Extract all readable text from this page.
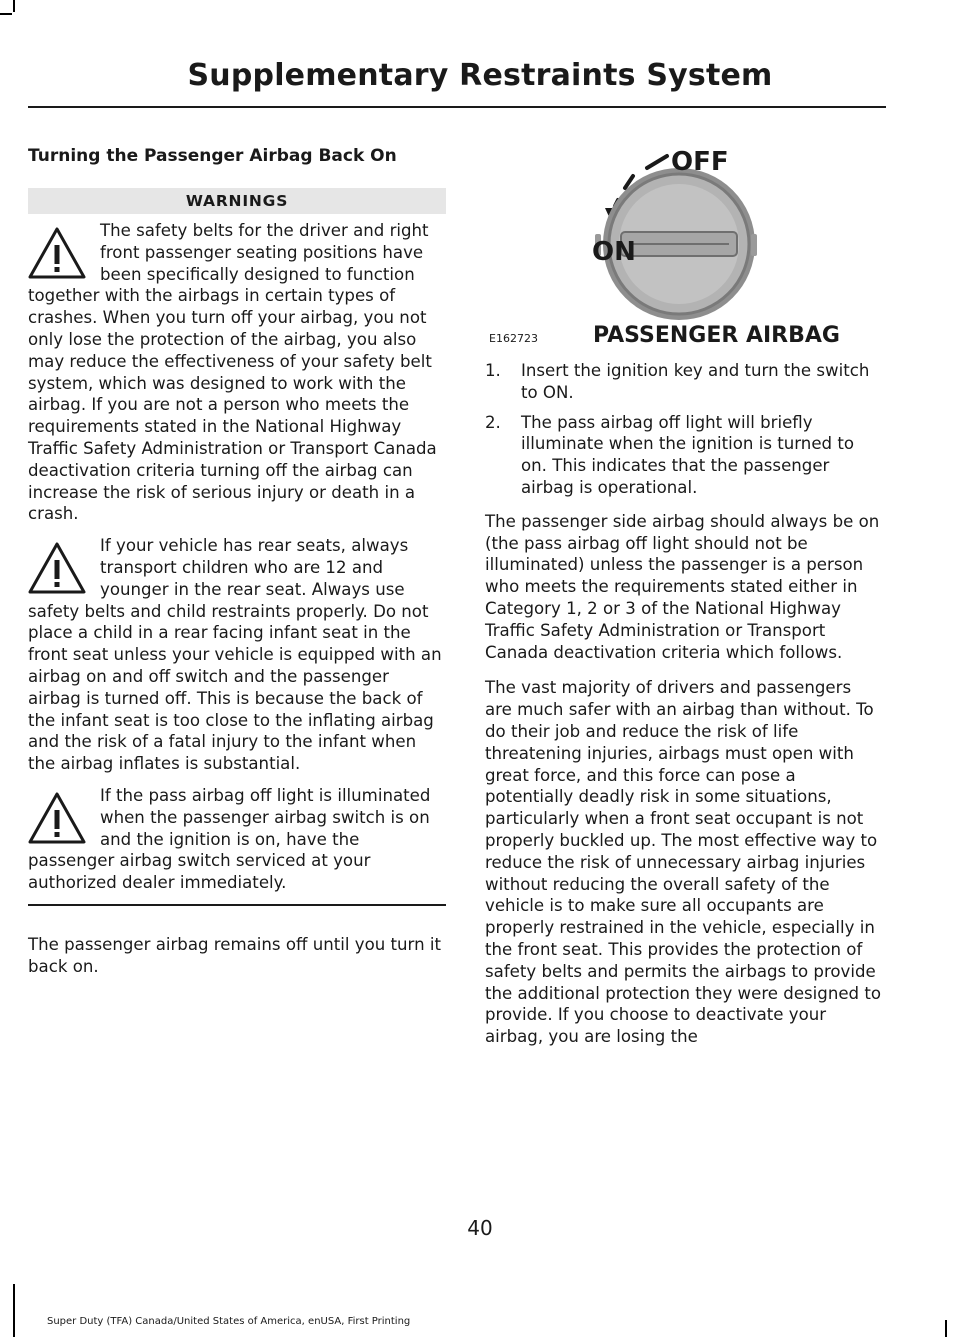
Supplementary Restraints System
Turning the Passenger Airbag Back On
WARNINGS
The safety belts for the driver and right front passenger seating positions have been specifically designed to function together with the airbags in certain types of crashes. When you turn off your airbag, you not only lose the protection of the airbag, you also may reduce the effectiveness of your safety belt system, which was designed to work with the airbag. If you are not a person who meets the requirements stated in the National Highway Traffic Safety Administration or Transport Canada deactivation criteria turning off the airbag can increase the risk of serious injury or death in a crash.
If your vehicle has rear seats, always transport children who are 12 and younger in the rear seat. Always use safety belts and child restraints properly. Do not place a child in a rear facing infant seat in the front seat unless your vehicle is equipped with an airbag on and off switch and the passenger airbag is turned off. This is because the back of the infant seat is too close to the inflating airbag and the risk of a fatal injury to the infant when the airbag inflates is substantial.
If the pass airbag off light is illuminated when the passenger airbag switch is on and the ignition is on, have the passenger airbag switch serviced at your authorized dealer immediately.

The passenger airbag remains off until you turn it back on.

OFF
ON
PASSENGER AIRBAG
E162723
1. Insert the ignition key and turn the switch to ON.
2. The pass airbag off light will briefly illuminate when the ignition is turned to on. This indicates that the passenger airbag is operational.

The passenger side airbag should always be on (the pass airbag off light should not be illuminated) unless the passenger is a person who meets the requirements stated either in Category 1, 2 or 3 of the National Highway Traffic Safety Administration or Transport Canada deactivation criteria which follows.

The vast majority of drivers and passengers are much safer with an airbag than without. To do their job and reduce the risk of life threatening injuries, airbags must open with great force, and this force can pose a potentially deadly risk in some situations, particularly when a front seat occupant is not properly buckled up. The most effective way to reduce the risk of unnecessary airbag injuries without reducing the overall safety of the vehicle is to make sure all occupants are properly restrained in the vehicle, especially in the front seat. This provides the protection of safety belts and permits the airbags to provide the additional protection they were designed to provide. If you choose to deactivate your airbag, you are losing the

40
Super Duty (TFA) Canada/United States of America, enUSA, First Printing
